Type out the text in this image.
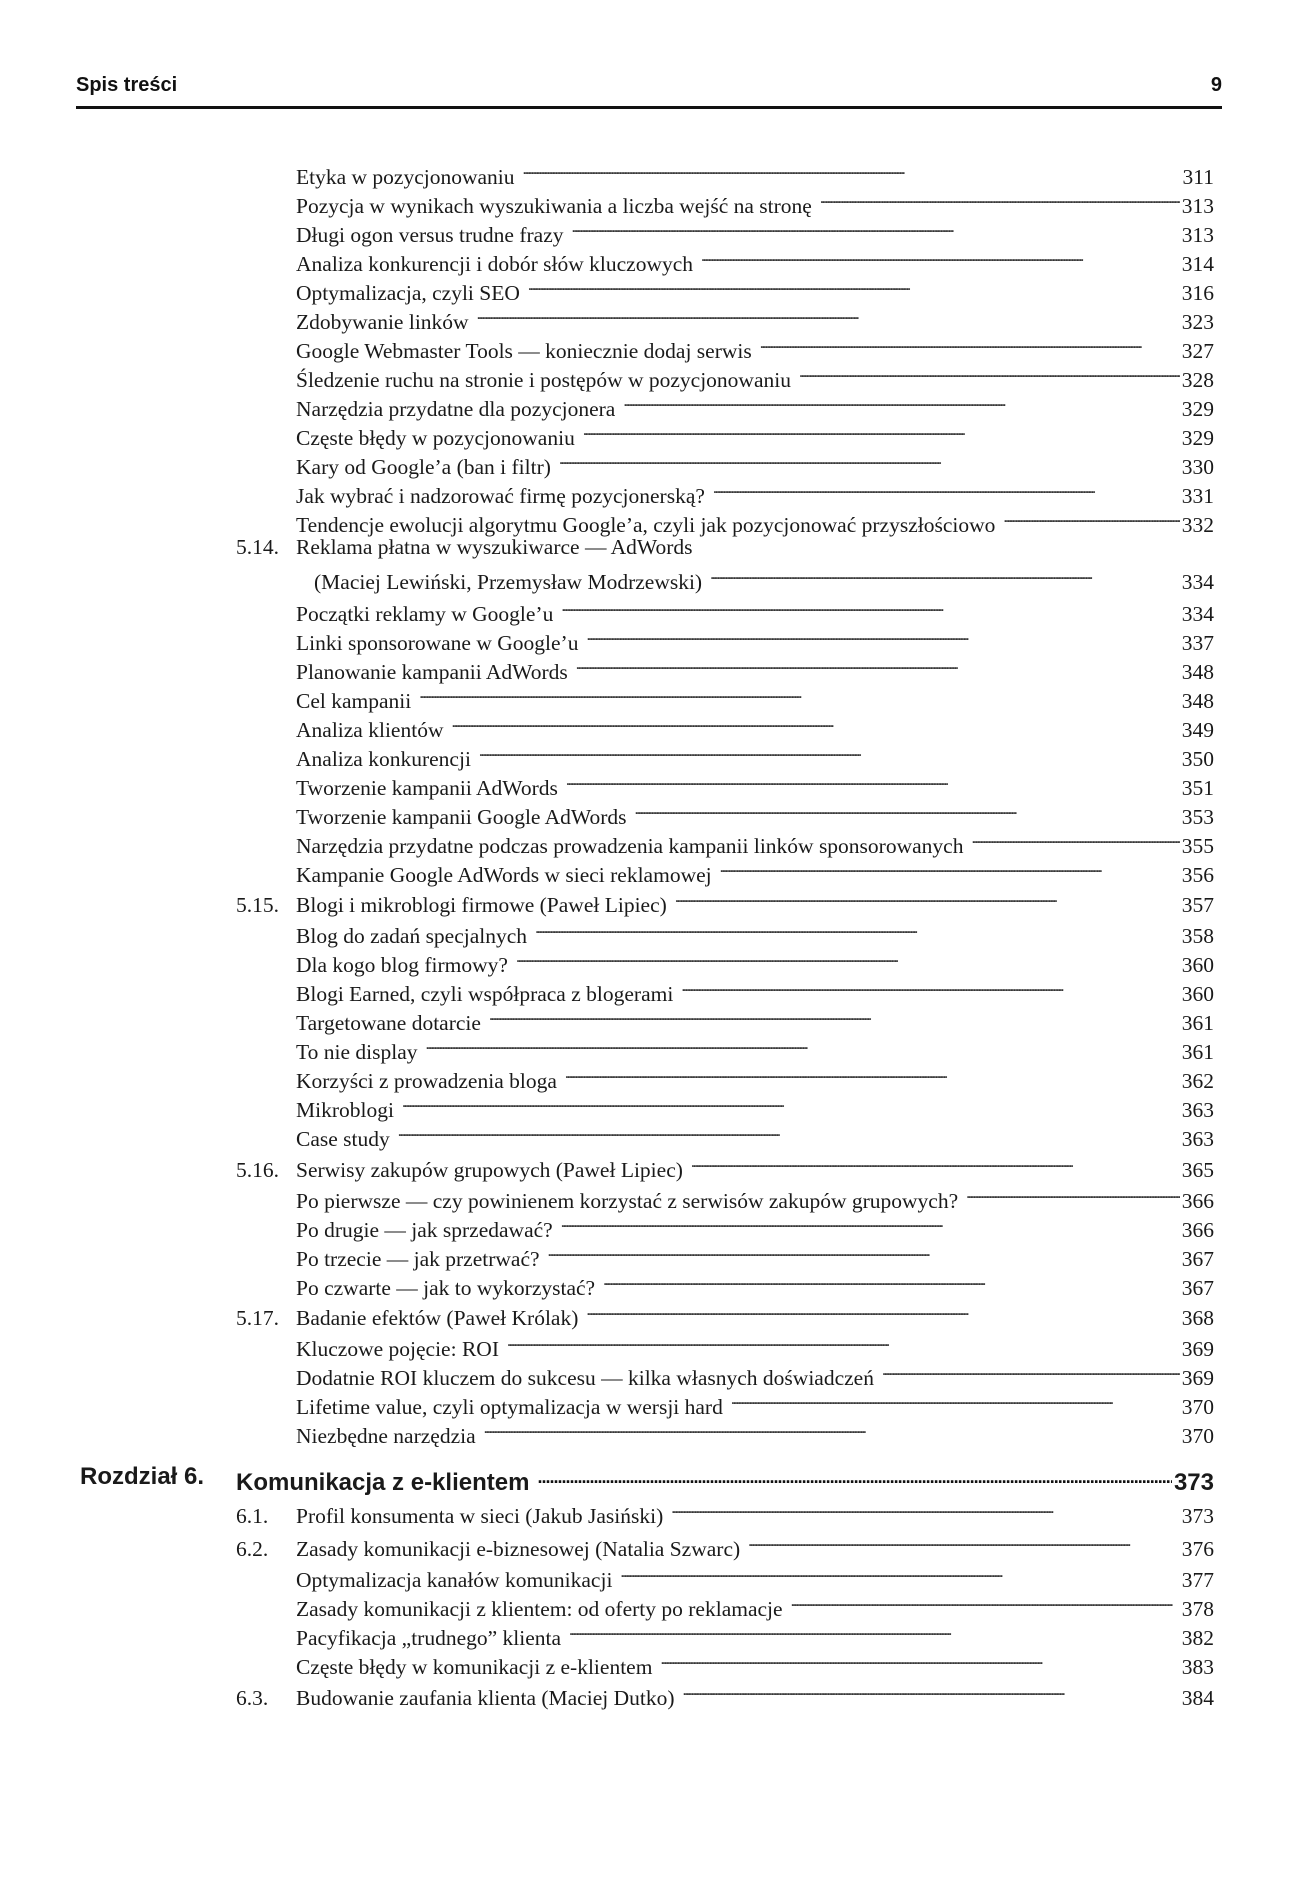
Spis treści	9
Etyka w pozycjonowaniu . . .	311
Pozycja w wynikach wyszukiwania a liczba wejść na stronę . . .	313
Długi ogon versus trudne frazy . . .	313
Analiza konkurencji i dobór słów kluczowych . . .	314
Optymalizacja, czyli SEO . . .	316
Zdobywanie linków . . .	323
Google Webmaster Tools — koniecznie dodaj serwis . . .	327
Śledzenie ruchu na stronie i postępów w pozycjonowaniu . . .	328
Narzędzia przydatne dla pozycjonera . . .	329
Częste błędy w pozycjonowaniu . . .	329
Kary od Google’a (ban i filtr) . . .	330
Jak wybrać i nadzorować firmę pozycjonerską? . . .	331
Tendencje ewolucji algorytmu Google’a, czyli jak pozycjonować przyszłościowo . . .	332
5.14. Reklama płatna w wyszukiwarce — AdWords
(Maciej Lewiński, Przemysław Modrzewski) . . .	334
Początki reklamy w Google’u . . .	334
Linki sponsorowane w Google’u . . .	337
Planowanie kampanii AdWords . . .	348
Cel kampanii . . .	348
Analiza klientów . . .	349
Analiza konkurencji . . .	350
Tworzenie kampanii AdWords . . .	351
Tworzenie kampanii Google AdWords . . .	353
Narzędzia przydatne podczas prowadzenia kampanii linków sponsorowanych . . .	355
Kampanie Google AdWords w sieci reklamowej . . .	356
5.15. Blogi i mikroblogi firmowe (Paweł Lipiec) . . .	357
Blog do zadań specjalnych . . .	358
Dla kogo blog firmowy? . . .	360
Blogi Earned, czyli współpraca z blogerami . . .	360
Targetowane dotarcie . . .	361
To nie display . . .	361
Korzyści z prowadzenia bloga . . .	362
Mikroblogi . . .	363
Case study . . .	363
5.16. Serwisy zakupów grupowych (Paweł Lipiec) . . .	365
Po pierwsze — czy powinienem korzystać z serwisów zakupów grupowych? . . .	366
Po drugie — jak sprzedawać? . . .	366
Po trzecie — jak przetrwać? . . .	367
Po czwarte — jak to wykorzystać? . . .	367
5.17. Badanie efektów (Paweł Królak) . . .	368
Kluczowe pojęcie: ROI . . .	369
Dodatnie ROI kluczem do sukcesu — kilka własnych doświadczeń . . .	369
Lifetime value, czyli optymalizacja w wersji hard . . .	370
Niezbędne narzędzia . . .	370
Rozdział 6. Komunikacja z e-klientem . . .	373
6.1.	Profil konsumenta w sieci (Jakub Jasiński) . . .	373
6.2.	Zasady komunikacji e-biznesowej (Natalia Szwarc) . . .	376
Optymalizacja kanałów komunikacji . . .	377
Zasady komunikacji z klientem: od oferty po reklamacje . . .	378
Pacyfikacja „trudnego” klienta . . .	382
Częste błędy w komunikacji z e-klientem . . .	383
6.3.	Budowanie zaufania klienta (Maciej Dutko) . . .	384
